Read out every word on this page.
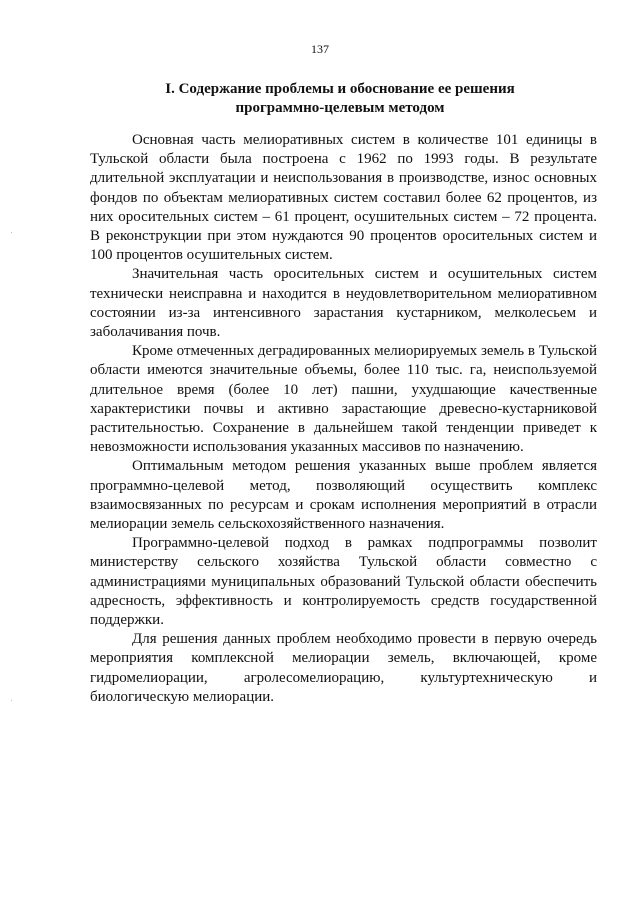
137
I. Содержание проблемы и обоснование ее решения
программно-целевым методом

Основная часть мелиоративных систем в количестве 101 единицы в Тульской области была построена с 1962 по 1993 годы. В результате длительной эксплуатации и неиспользования в производстве, износ основных фондов по объектам мелиоративных систем составил более 62 процентов, из них оросительных систем – 61 процент, осушительных систем – 72 процента. В реконструкции при этом нуждаются 90 процентов оросительных систем и 100 процентов осушительных систем.

Значительная часть оросительных систем и осушительных систем технически неисправна и находится в неудовлетворительном мелиоративном состоянии из-за интенсивного зарастания кустарником, мелколесьем и заболачивания почв.

Кроме отмеченных деградированных мелиорируемых земель в Тульской области имеются значительные объемы, более 110 тыс. га, неиспользуемой длительное время (более 10 лет) пашни, ухудшающие качественные характеристики почвы и активно зарастающие древесно-кустарниковой растительностью. Сохранение в дальнейшем такой тенденции приведет к невозможности использования указанных массивов по назначению.

Оптимальным методом решения указанных выше проблем является программно-целевой метод, позволяющий осуществить комплекс взаимосвязанных по ресурсам и срокам исполнения мероприятий в отрасли мелиорации земель сельскохозяйственного назначения.

Программно-целевой подход в рамках подпрограммы позволит министерству сельского хозяйства Тульской области совместно с администрациями муниципальных образований Тульской области обеспечить адресность, эффективность и контролируемость средств государственной поддержки.

Для решения данных проблем необходимо провести в первую очередь мероприятия комплексной мелиорации земель, включающей, кроме гидромелиорации, агролесомелиорацию, культуртехническую и биологическую мелиорации.
